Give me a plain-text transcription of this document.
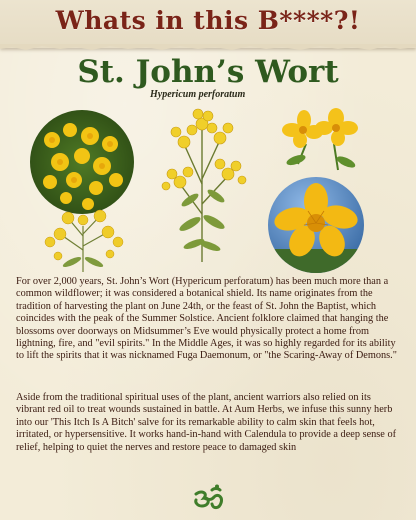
Whats in this B****?!
St. John’s Wort
Hypericum perforatum
For over 2,000 years, St. John’s Wort (Hypericum perforatum) has been much more than a common wildflower; it was considered a botanical shield. Its name originates from the tradition of harvesting the plant on June 24th, or the feast of St. John the Baptist, which coincides with the peak of the Summer Solstice. Ancient folklore claimed that hanging the blossoms over doorways on Midsummer’s Eve would physically protect a home from lightning, fire, and "evil spirits." In the Middle Ages, it was so highly regarded for its ability to lift the spirits that it was nicknamed Fuga Daemonum, or "the Scaring-Away of Demons."
Aside from the traditional spiritual uses of the plant, ancient warriors also relied on its vibrant red oil to treat wounds sustained in battle. At Aum Herbs, we infuse this sunny herb into our 'This Itch Is A Bitch' salve for its remarkable ability to calm skin that feels hot, irritated, or hypersensitive. It works hand-in-hand with Calendula to provide a deep sense of relief, helping to quiet the nerves and restore peace to damaged skin
